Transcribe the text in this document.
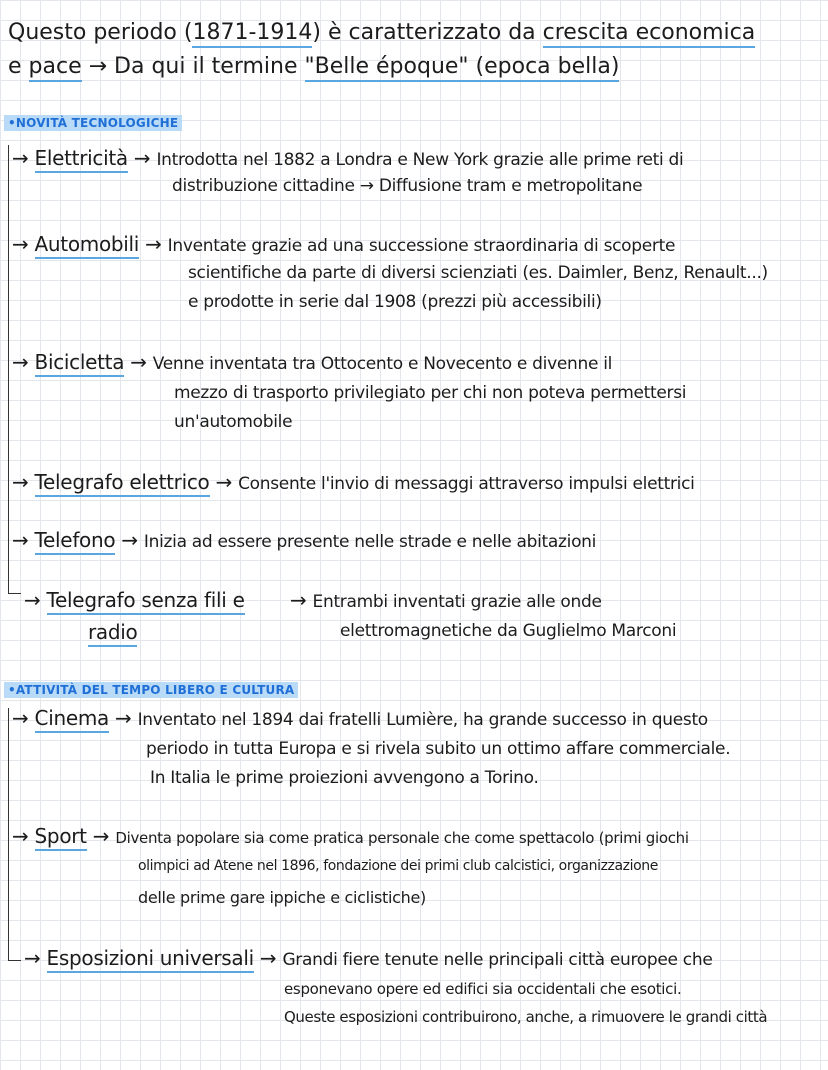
Questo periodo (1871-1914) è caratterizzato da crescita economica
e pace → Da qui il termine "Belle époque" (epoca bella)
•NOVITÀ TECNOLOGICHE
→ Elettricità → Introdotta nel 1882 a Londra e New York grazie alle prime reti di
distribuzione cittadine → Diffusione tram e metropolitane
→ Automobili → Inventate grazie ad una successione straordinaria di scoperte
scientifiche da parte di diversi scienziati (es. Daimler, Benz, Renault...)
e prodotte in serie dal 1908 (prezzi più accessibili)
→ Bicicletta → Venne inventata tra Ottocento e Novecento e divenne il
mezzo di trasporto privilegiato per chi non poteva permettersi
un'automobile
→ Telegrafo elettrico → Consente l'invio di messaggi attraverso impulsi elettrici
→ Telefono → Inizia ad essere presente nelle strade e nelle abitazioni
→ Telegrafo senza fili e
radio
→ Entrambi inventati grazie alle onde
elettromagnetiche da Guglielmo Marconi
•ATTIVITÀ DEL TEMPO LIBERO E CULTURA
→ Cinema → Inventato nel 1894 dai fratelli Lumière, ha grande successo in questo
periodo in tutta Europa e si rivela subito un ottimo affare commerciale.
In Italia le prime proiezioni avvengono a Torino.
→ Sport → Diventa popolare sia come pratica personale che come spettacolo (primi giochi
olimpici ad Atene nel 1896, fondazione dei primi club calcistici, organizzazione
delle prime gare ippiche e ciclistiche)
→ Esposizioni universali → Grandi fiere tenute nelle principali città europee che
esponevano opere ed edifici sia occidentali che esotici.
Queste esposizioni contribuirono, anche, a rimuovere le grandi città
